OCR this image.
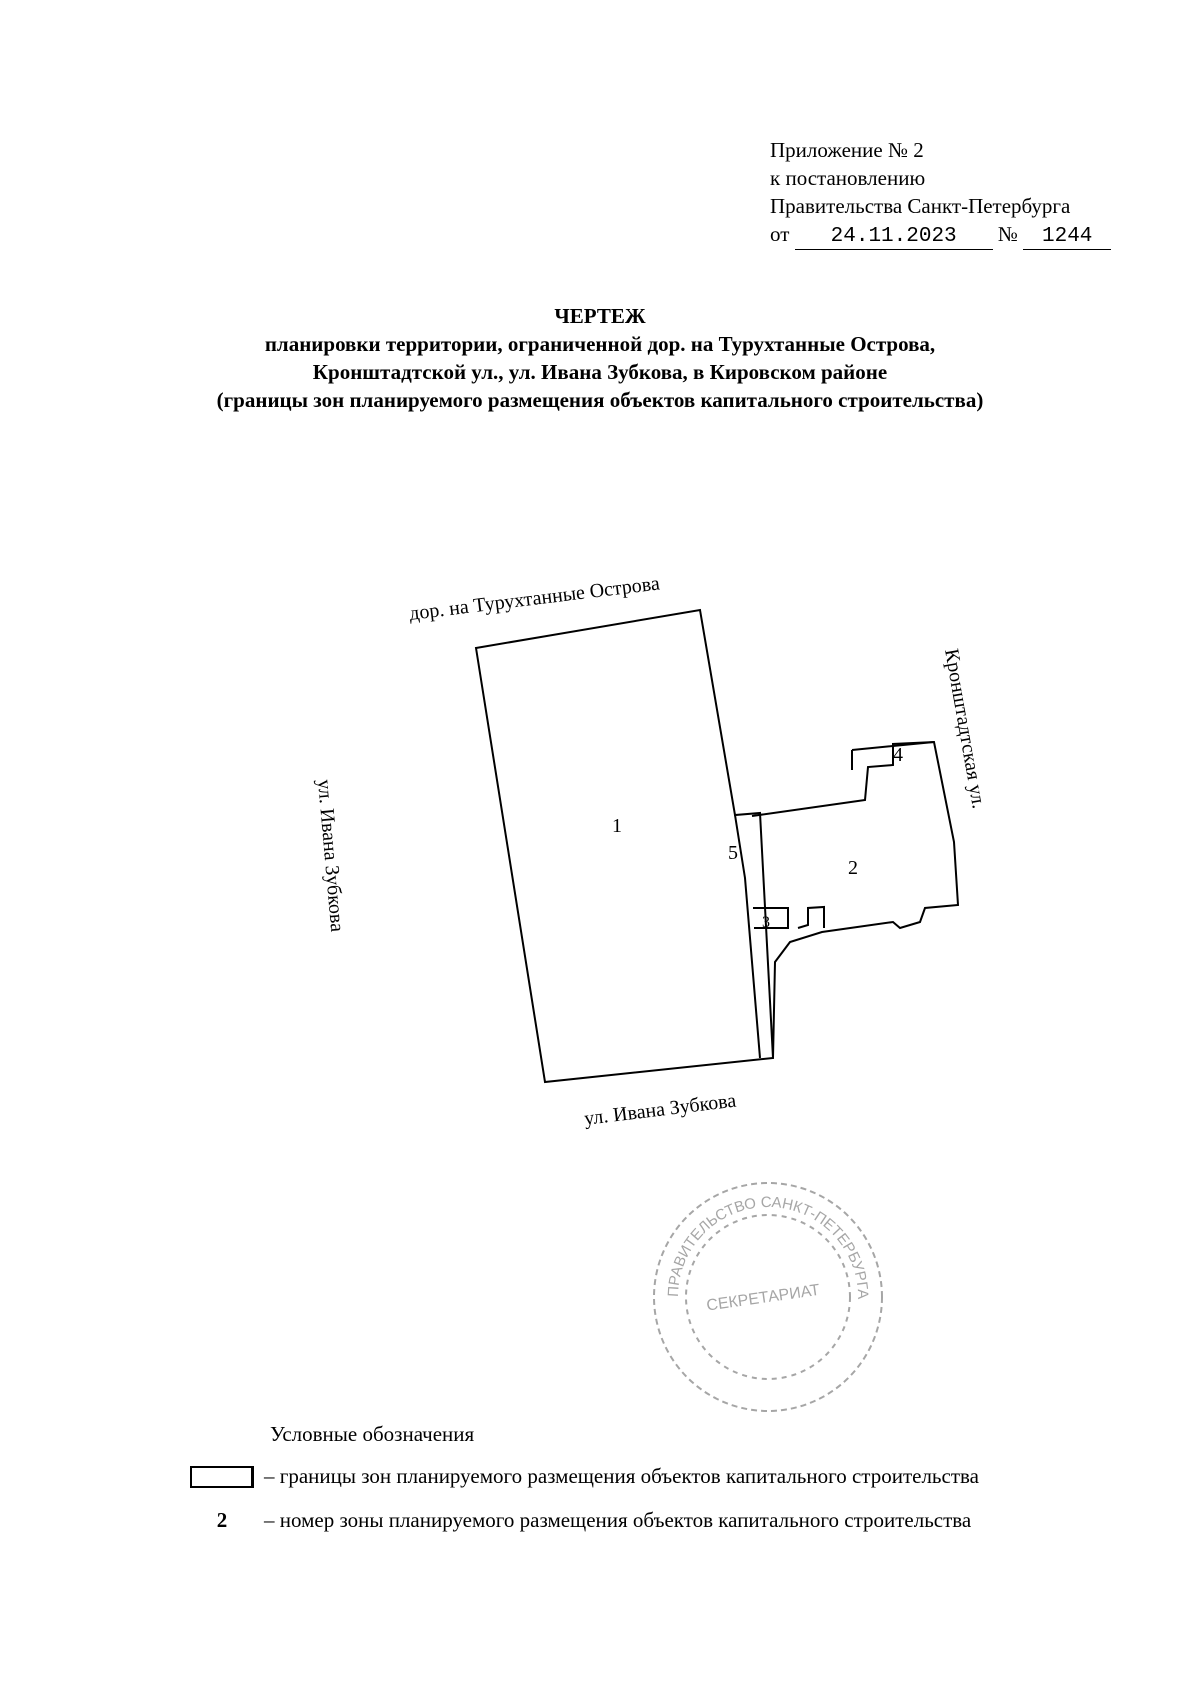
Приложение № 2
к постановлению
Правительства Санкт-Петербурга
от 24.11.2023 № 1244
ЧЕРТЕЖ
планировки территории, ограниченной дор. на Турухтанные Острова,
Кронштадтской ул., ул. Ивана Зубкова, в Кировском районе
(границы зон планируемого размещения объектов капитального строительства)
дор. на Турухтанные Острова
ул. Ивана Зубкова
ул. Ивана Зубкова
Кронштадтская ул.
1
2
3
4
5
ПРАВИТЕЛЬСТВО САНКТ-ПЕТЕРБУРГА
СЕКРЕТАРИАТ
Условные обозначения
– границы зон планируемого размещения объектов капитального строительства
2	– номер зоны планируемого размещения объектов капитального строительства
